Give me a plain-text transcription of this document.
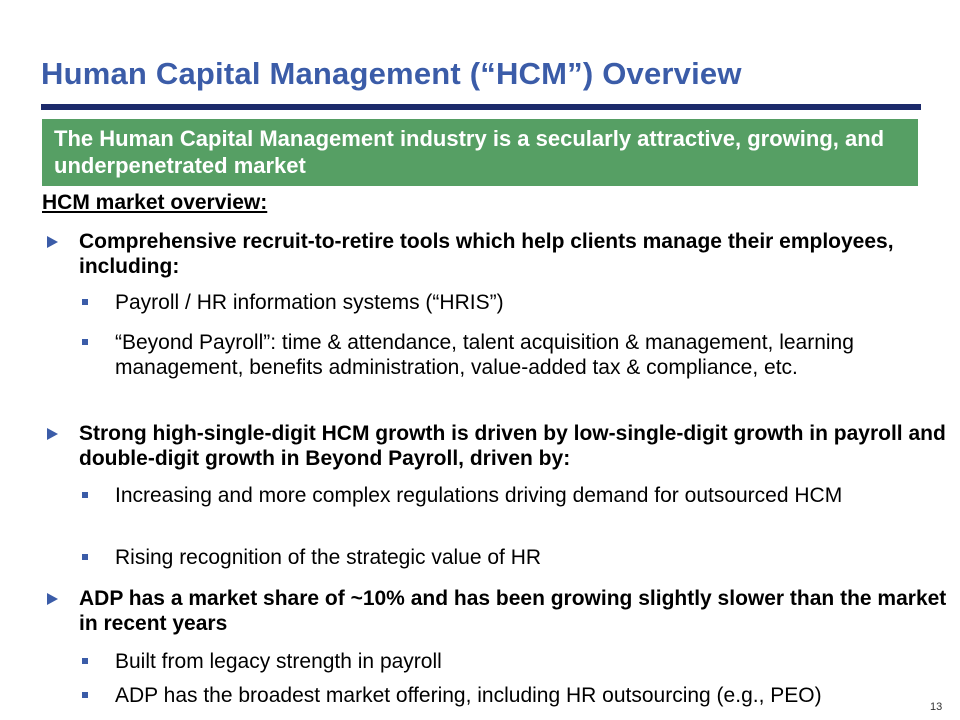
Human Capital Management (“HCM”) Overview
The Human Capital Management industry is a secularly attractive, growing, and underpenetrated market
HCM market overview:
Comprehensive recruit-to-retire tools which help clients manage their employees, including:
Payroll / HR information systems (“HRIS”)
“Beyond Payroll”: time & attendance, talent acquisition & management, learning management, benefits administration, value-added tax & compliance, etc.
Strong high-single-digit HCM growth is driven by low-single-digit growth in payroll and double-digit growth in Beyond Payroll, driven by:
Increasing and more complex regulations driving demand for outsourced HCM
Rising recognition of the strategic value of HR
ADP has a market share of ~10% and has been growing slightly slower than the market in recent years
Built from legacy strength in payroll
ADP has the broadest market offering, including HR outsourcing (e.g., PEO)	13
